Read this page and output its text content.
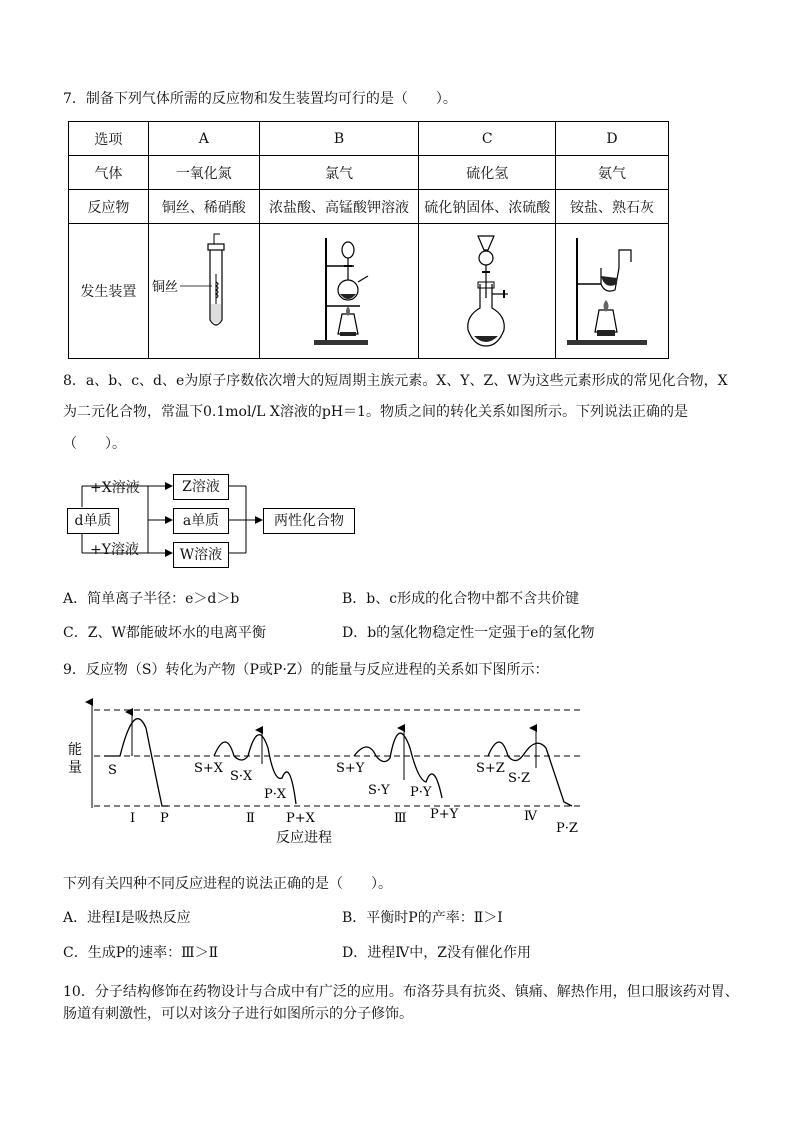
7．制备下列气体所需的反应物和发生装置均可行的是（　　）。
选项	A	B	C	D
气体	一氧化氮	氯气	硫化氢	氨气
反应物	铜丝、稀硝酸	浓盐酸、高锰酸钾溶液	硫化钠固体、浓硫酸	铵盐、熟石灰
发生装置	铜丝

8．a、b、c、d、e为原子序数依次增大的短周期主族元素。X、Y、Z、W为这些元素形成的常见化合物，X
为二元化合物，常温下0.1mol/L X溶液的pH＝1。物质之间的转化关系如图所示。下列说法正确的是
（　　）。
+X溶液
+Y溶液
d单质
Z溶液
a单质
W溶液
两性化合物
A．简单离子半径：e＞d＞b	B．b、c形成的化合物中都不含共价键
C．Z、W都能破坏水的电离平衡	D．b的氢化物稳定性一定强于e的氢化物
9．反应物（S）转化为产物（P或P·Z）的能量与反应进程的关系如下图所示：
能
量 S
Ⅰ P
S+X
S·X
P·X
Ⅱ P+X
S+Y
S·Y P·Y
Ⅲ P+Y
S+Z
S·Z
Ⅳ
P·Z
反应进程
下列有关四种不同反应进程的说法正确的是（　　）。
A．进程Ⅰ是吸热反应	B．平衡时P的产率：Ⅱ＞Ⅰ
C．生成P的速率：Ⅲ＞Ⅱ	D．进程Ⅳ中，Z没有催化作用
10．分子结构修饰在药物设计与合成中有广泛的应用。布洛芬具有抗炎、镇痛、解热作用，但口服该药对胃、
肠道有刺激性，可以对该分子进行如图所示的分子修饰。
